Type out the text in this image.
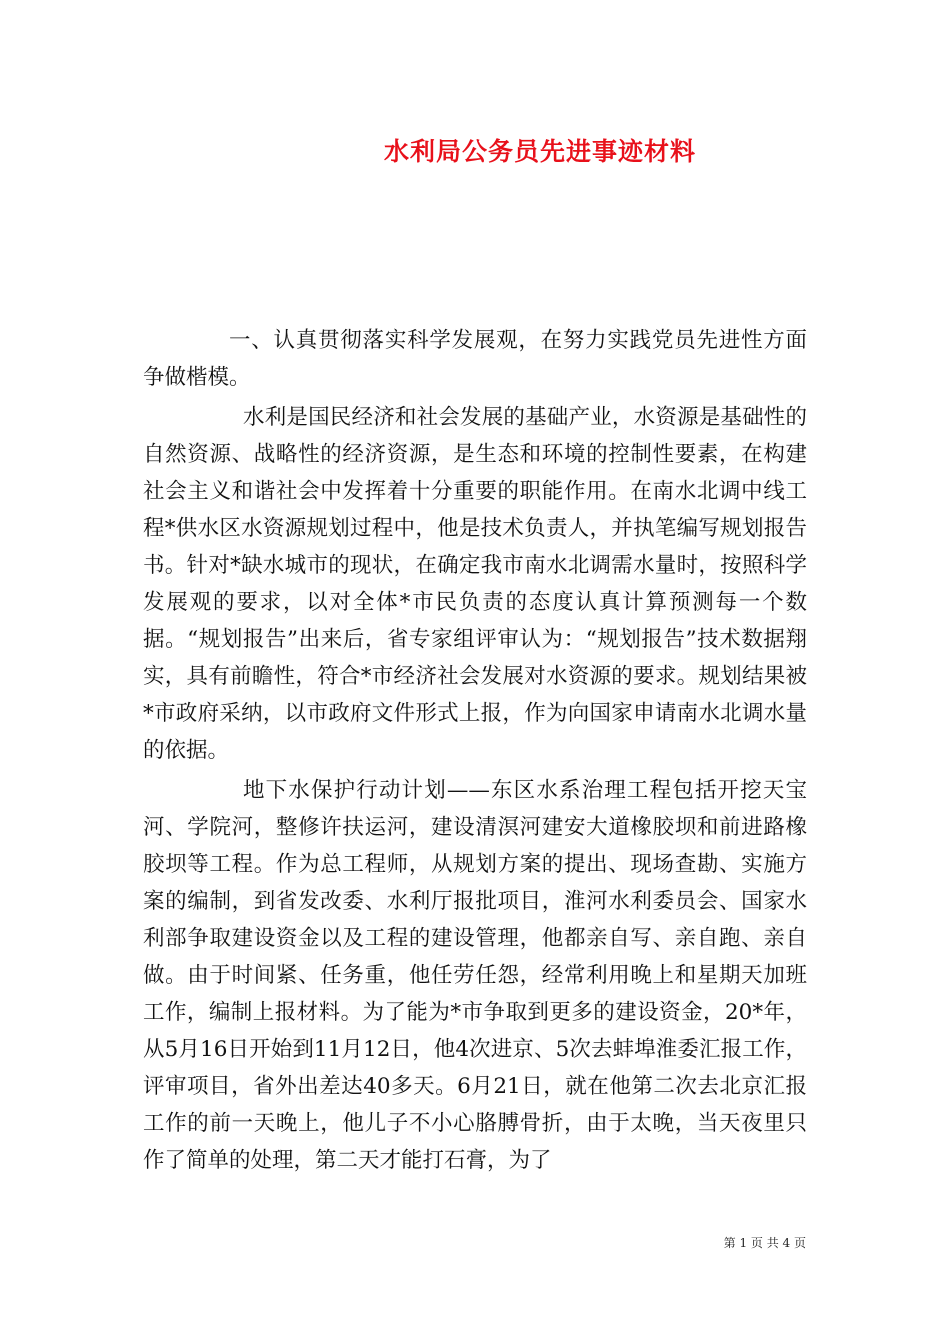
水利局公务员先进事迹材料

一、认真贯彻落实科学发展观，在努力实践党员先进性方面争做楷模。

水利是国民经济和社会发展的基础产业，水资源是基础性的自然资源、战略性的经济资源，是生态和环境的控制性要素，在构建社会主义和谐社会中发挥着十分重要的职能作用。在南水北调中线工程*供水区水资源规划过程中，他是技术负责人，并执笔编写规划报告书。针对*缺水城市的现状，在确定我市南水北调需水量时，按照科学发展观的要求，以对全体*市民负责的态度认真计算预测每一个数据。“规划报告”出来后，省专家组评审认为：“规划报告”技术数据翔实，具有前瞻性，符合*市经济社会发展对水资源的要求。规划结果被*市政府采纳，以市政府文件形式上报，作为向国家申请南水北调水量的依据。

地下水保护行动计划——东区水系治理工程包括开挖天宝河、学院河，整修许扶运河，建设清溟河建安大道橡胶坝和前进路橡胶坝等工程。作为总工程师，从规划方案的提出、现场查勘、实施方案的编制，到省发改委、水利厅报批项目，淮河水利委员会、国家水利部争取建设资金以及工程的建设管理，他都亲自写、亲自跑、亲自做。由于时间紧、任务重，他任劳任怨，经常利用晚上和星期天加班工作，编制上报材料。为了能为*市争取到更多的建设资金，20*年，从5月16日开始到11月12日，他4次进京、5次去蚌埠淮委汇报工作，评审项目，省外出差达40多天。6月21日，就在他第二次去北京汇报工作的前一天晚上，他儿子不小心胳膊骨折，由于太晚，当天夜里只作了简单的处理，第二天才能打石膏，为了

第 1 页 共 4 页
